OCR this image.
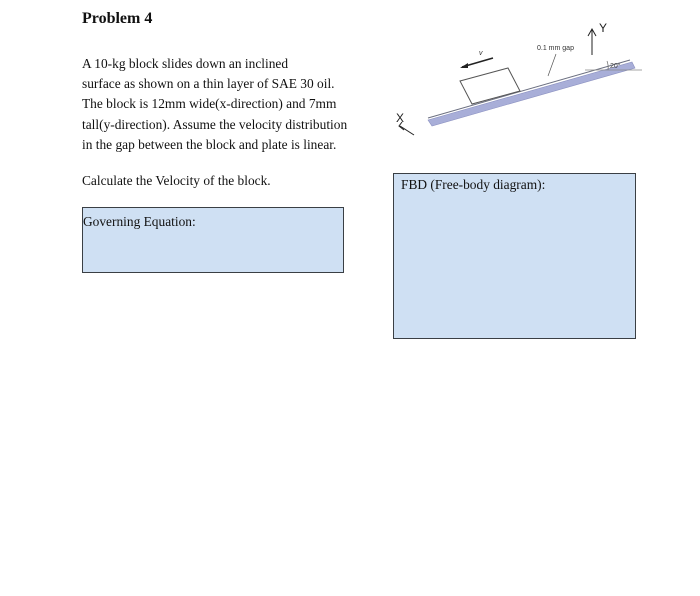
Problem 4
A 10-kg block slides down an inclined
surface as shown on a thin layer of SAE 30 oil.
The block is 12mm wide(x-direction) and 7mm
tall(y-direction). Assume the velocity distribution
in the gap between the block and plate is linear.
Calculate the Velocity of the block.
Governing Equation:
FBD (Free-body diagram):
20°
v
0.1 mm gap
Y
X
